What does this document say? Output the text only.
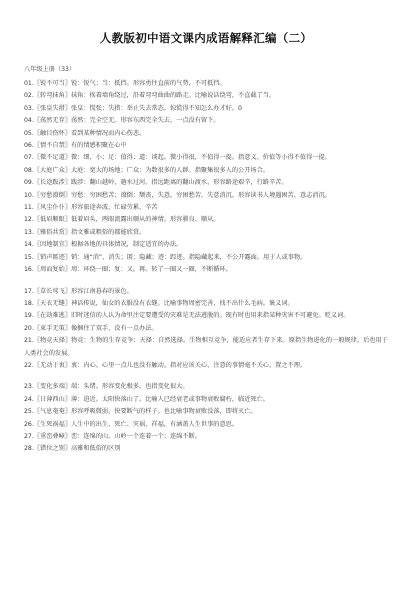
人教版初中语文课内成语解释汇编（二）
八年级上册（33）
01.〖锐不可当〗锐：锐气；当：抵挡。形容勇往直前的气势，不可抵挡。
02.〖转弯抹角〗抹角：挨着墙角绕过，沿着弯弯曲曲的路走。比喻说话绕弯，不直截了当。
03.〖张皇失措〗张皇：慌张；失措：举止失去常态。惊慌得不知怎么办才好。0
04.〖荡然无存〗荡然：完全空无。形容东西完全失去，一点没有留下。
05.〖触目伤怀〗看到某种情况而内心伤悲。
06.〖情不自禁〗有的情感积聚在心中
07.〖微不足道〗微：细，小；足：值得；道：谈起。微小得很，不值得一提。指意义、价值等小得不值得一提。
08.〖大庭广众〗大庭：宽大的场地；广众：为数很多的人群。指聚集很多人的公开场合。
09.〖长途跋涉〗跋涉：翻山越岭，趟水过河。指远距离的翻山渡水，形容路途艰辛，行路辛苦。
10.〖穷愁潦倒〗穷愁：穷困愁苦；潦倒：颓丧，失意。穷困愁苦，失意消沉。形容读书人境遇困苦，意志消沉。
11.〖风尘仆仆〗形容旅途奔波、忙碌劳累、辛苦
12.〖低眉顺眼〗低着眉头，两眼流露出顺从的神情。形容驯良、顺从。
13.〖雅俗共赏〗指文雅或粗俗的都能欣赏。
14.〖因地制宜〗根据各地的具体情况，制定适宜的办法。
15.〖销声匿迹〗销：通“消”，消失；匿：隐藏；迹：踪迹。指隐藏起来，不公开露面。用于人或事物。
16.〖周而复始〗周：环绕一圈；复：又，再。转了一圈又一圈，不断循环。
17.〖草长莺飞〗形容江南暮春的景色。
18.〖天衣无缝〗神话传说，仙女的衣服没有衣缝。比喻事物周密完善，找不出什么毛病。褒义词。
19.〖在劫难逃〗旧时迷信的人认为命里注定要遭受的灾难是无法逃脱的。现有时也用来指某种灾害不可避免。贬义词。
20.〖束手无策〗像捆住了双手，没有一点办法。
21.〖物竞天择〗物竞：生物的生存竞争；天择：自然选择。生物相互竞争，能适应者生存下来。原指生物进化的一般规律，后也用于人类社会的发展。
22.〖无动于衷〗衷：内心。心里一点儿也没有触动。指对应该关心、注意的事情毫不关心，置之不理。
23.〖变化多端〗端：头绪。形容变化极多，也指变化很大。
24.〖日薄西山〗薄：迫近。太阳快落山了。比喻人已经衰老或事物衰败腐朽，临近死亡。
25.〖气息奄奄〗形容呼吸微弱，快要断气的样子。也比喻事物衰败没落，即将灭亡。
26.〖生死祸福〗人生中的出生、死亡、灾祸、祥福，有涵盖人生世事的意思。
27.〖重峦叠嶂〗峦：连绵的山。山岭一个连着一个；连绵不断。
28.〖错位之别〗高雅和低俗的区别
